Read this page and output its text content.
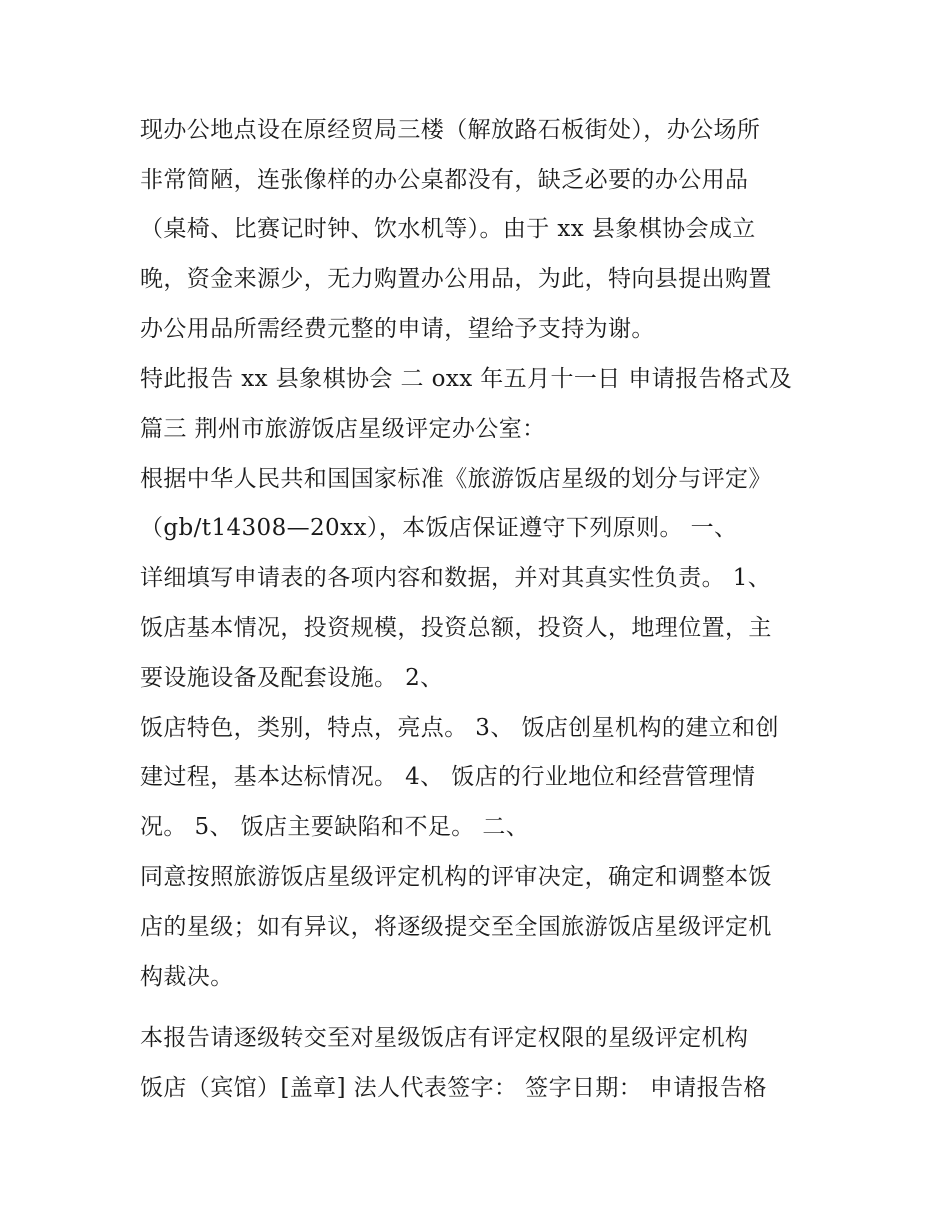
现办公地点设在原经贸局三楼（解放路石板街处），办公场所
非常简陋，连张像样的办公桌都没有，缺乏必要的办公用品
（桌椅、比赛记时钟、饮水机等）。由于 xx 县象棋协会成立
晚，资金来源少，无力购置办公用品，为此，特向县提出购置
办公用品所需经费元整的申请，望给予支持为谢。
特此报告 xx 县象棋协会 二 oxx 年五月十一日 申请报告格式及
篇三 荆州市旅游饭店星级评定办公室：
根据中华人民共和国国家标准《旅游饭店星级的划分与评定》
（gb/t14308—20xx），本饭店保证遵守下列原则。 一、
详细填写申请表的各项内容和数据，并对其真实性负责。 1、
饭店基本情况，投资规模，投资总额，投资人，地理位置，主
要设施设备及配套设施。 2、
饭店特色，类别，特点，亮点。 3、 饭店创星机构的建立和创
建过程，基本达标情况。 4、 饭店的行业地位和经营管理情
况。 5、 饭店主要缺陷和不足。 二、
同意按照旅游饭店星级评定机构的评审决定，确定和调整本饭
店的星级；如有异议，将逐级提交至全国旅游饭店星级评定机
构裁决。
本报告请逐级转交至对星级饭店有评定权限的星级评定机构
饭店（宾馆）[盖章] 法人代表签字： 签字日期： 申请报告格
